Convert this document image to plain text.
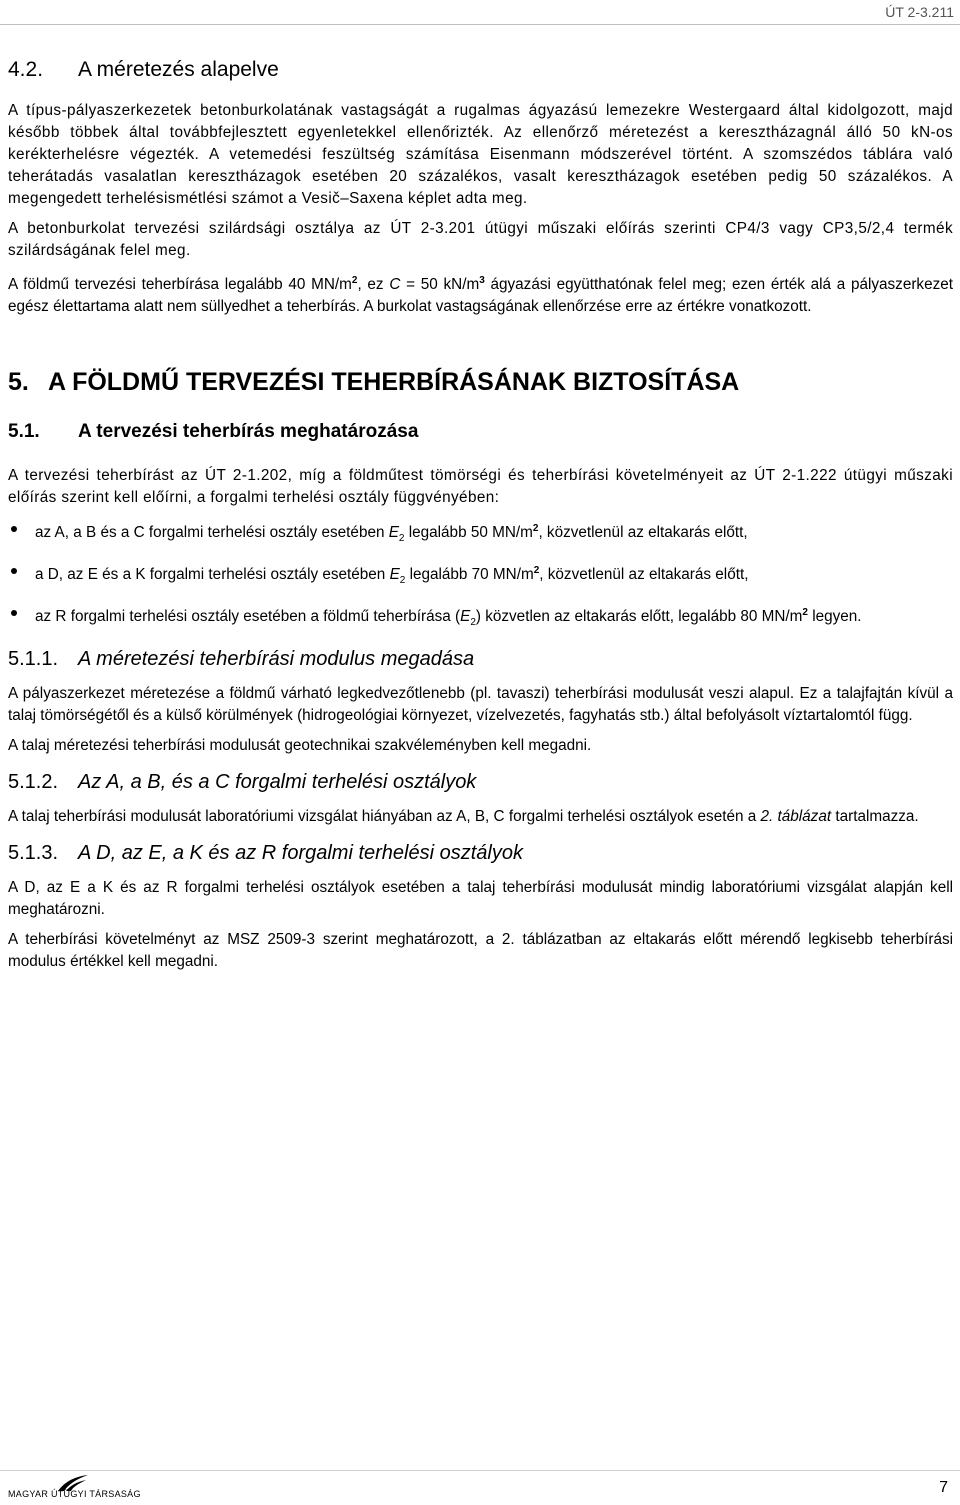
ÚT 2-3.211
4.2. A méretezés alapelve

A típus-pályaszerkezetek betonburkolatának vastagságát a rugalmas ágyazású lemezekre Westergaard által kidolgozott, majd később többek által továbbfejlesztett egyenletekkel ellenőrizték. Az ellenőrző méretezést a keresztházagnál álló 50 kN-os kerékterhelésre végezték. A vetemedési feszültség számítása Eisenmann módszerével történt. A szomszédos táblára való teherátadás vasalatlan keresztházagok esetében 20 százalékos, vasalt keresztházagok esetében pedig 50 százalékos. A megengedett terhelésismétlési számot a Vesič–Saxena képlet adta meg.

A betonburkolat tervezési szilárdsági osztálya az ÚT 2-3.201 útügyi műszaki előírás szerinti CP4/3 vagy CP3,5/2,4 termék szilárdságának felel meg.

A földmű tervezési teherbírása legalább 40 $MN/m^2$, ez C = 50 $kN/m^3$ ágyazási együtthatónak felel meg; ezen érték alá a pályaszerkezet egész élettartama alatt nem süllyedhet a teherbírás. A burkolat vastagságának ellenőrzése erre az értékre vonatkozott.

5. A FÖLDMŰ TERVEZÉSI TEHERBÍRÁSÁNAK BIZTOSÍTÁSA
5.1. A tervezési teherbírás meghatározása

A tervezési teherbírást az ÚT 2-1.202, míg a földműtest tömörségi és teherbírási követelményeit az ÚT 2-1.222 útügyi műszaki előírás szerint kell előírni, a forgalmi terhelési osztály függvényében:

az A, a B és a C forgalmi terhelési osztály esetében $E_2$ legalább 50 $MN/m^2$, közvetlenül az eltakarás előtt,
a D, az E és a K forgalmi terhelési osztály esetében $E_2$ legalább 70 $MN/m^2$, közvetlenül az eltakarás előtt,
az R forgalmi terhelési osztály esetében a földmű teherbírása $(E_2)$ közvetlen az eltakarás előtt, legalább 80 $MN/m^2$ legyen.
5.1.1. A méretezési teherbírási modulus megadása

A pályaszerkezet méretezése a földmű várható legkedvezőtlenebb (pl. tavaszi) teherbírási modulusát veszi alapul. Ez a talajfajtán kívül a talaj tömörségétől és a külső körülmények (hidrogeológiai környezet, vízelvezetés, fagyhatás stb.) által befolyásolt víztartalomtól függ.

A talaj méretezési teherbírási modulusát geotechnikai szakvéleményben kell megadni.

5.1.2. Az A, a B, és a C forgalmi terhelési osztályok

A talaj teherbírási modulusát laboratóriumi vizsgálat hiányában az A, B, C forgalmi terhelési osztályok esetén a 2. táblázat tartalmazza.

5.1.3. A D, az E, a K és az R forgalmi terhelési osztályok

A D, az E a K és az R forgalmi terhelési osztályok esetében a talaj teherbírási modulusát mindig laboratóriumi vizsgálat alapján kell meghatározni.

A teherbírási követelményt az MSZ 2509-3 szerint meghatározott, a 2. táblázatban az eltakarás előtt mérendő legkisebb teherbírási modulus értékkel kell megadni.

MAGYAR ÚTÜGYI TÁRSASÁG	7
